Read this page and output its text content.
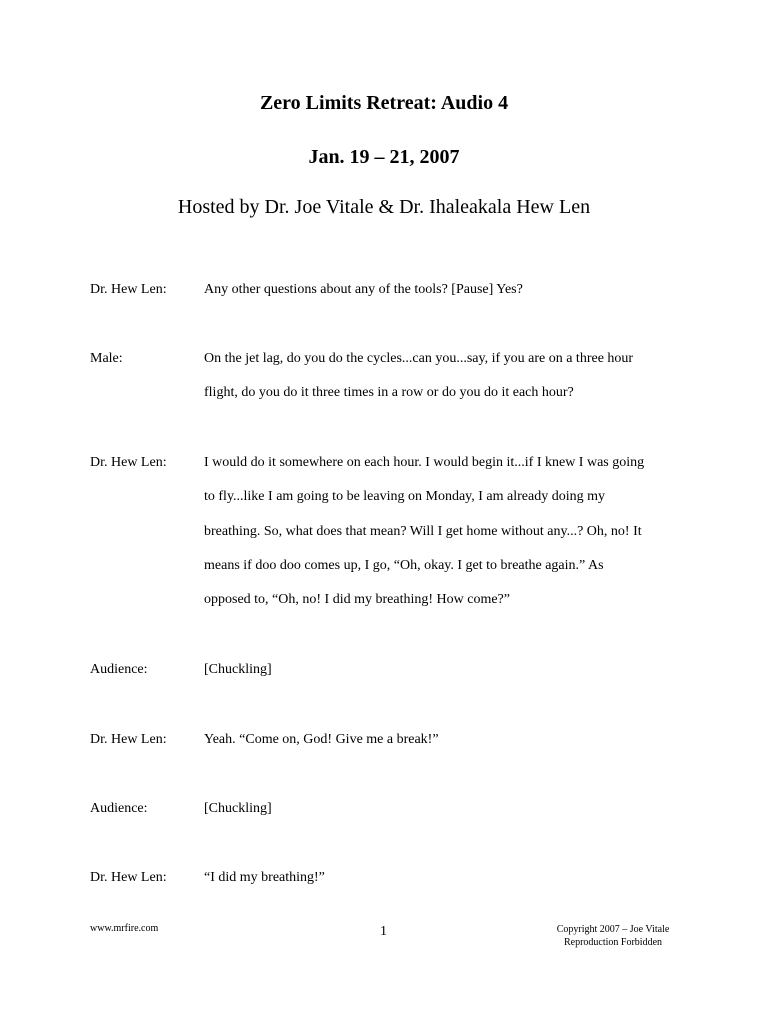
Zero Limits Retreat: Audio 4
Jan. 19 – 21, 2007
Hosted by Dr. Joe Vitale & Dr. Ihaleakala Hew Len
Dr. Hew Len:	Any other questions about any of the tools? [Pause] Yes?
Male:	On the jet lag, do you do the cycles...can you...say, if you are on a three hour
flight, do you do it three times in a row or do you do it each hour?
Dr. Hew Len:	I would do it somewhere on each hour. I would begin it...if I knew I was going
to fly...like I am going to be leaving on Monday, I am already doing my
breathing. So, what does that mean? Will I get home without any...? Oh, no! It
means if doo doo comes up, I go, “Oh, okay. I get to breathe again.” As
opposed to, “Oh, no! I did my breathing! How come?”
Audience:	[Chuckling]
Dr. Hew Len:	Yeah. “Come on, God! Give me a break!”
Audience:	[Chuckling]
Dr. Hew Len:	“I did my breathing!”
www.mrfire.com	1	Copyright 2007 – Joe Vitale
Reproduction Forbidden
